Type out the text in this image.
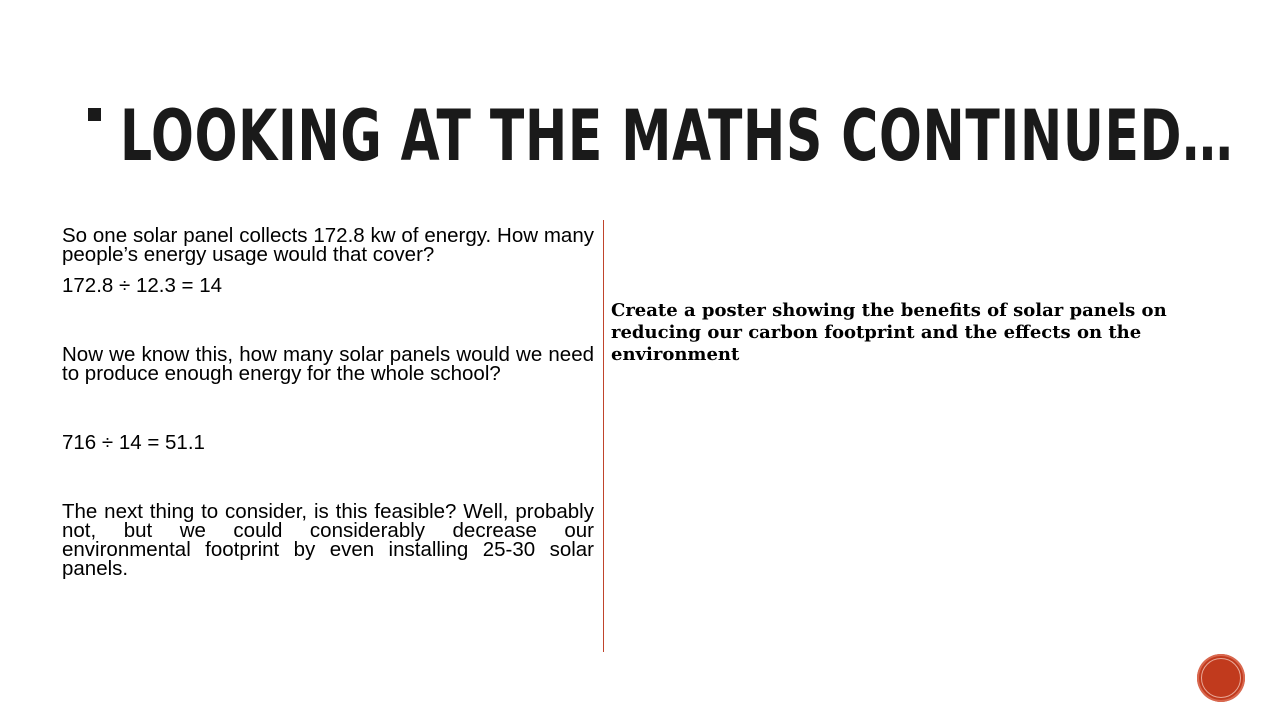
LOOKING AT THE MATHS CONTINUED…

So one solar panel collects 172.8 kw of energy. How many people’s energy usage would that cover?

172.8 ÷ 12.3 = 14

Now we know this, how many solar panels would we need to produce enough energy for the whole school?

716 ÷ 14 = 51.1

The next thing to consider, is this feasible? Well, probably not, but we could considerably decrease our environmental footprint by even installing 25-30 solar panels.

Create a poster showing the benefits of solar panels on reducing our carbon footprint and the effects on the environment
